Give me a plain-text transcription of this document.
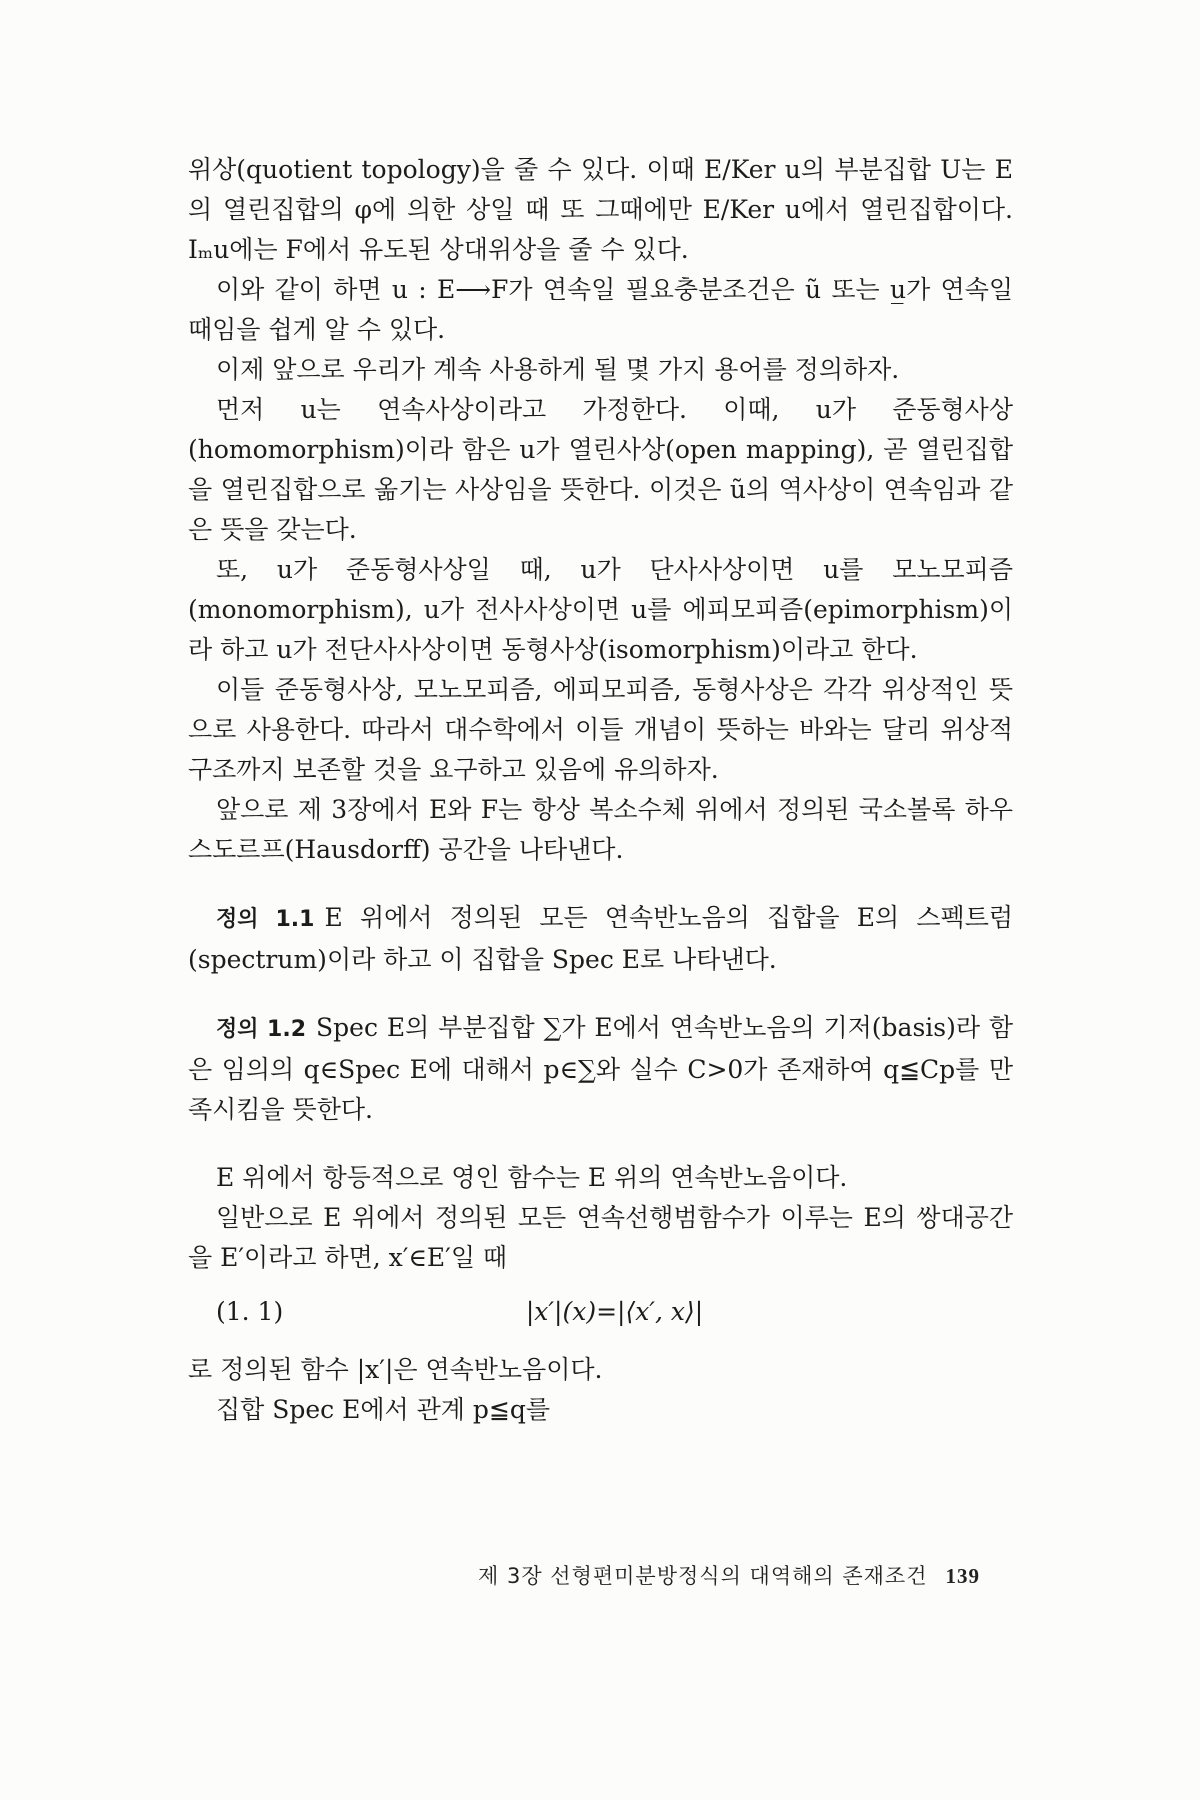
위상(quotient topology)을 줄 수 있다. 이때 E/Ker u의 부분집합 U는 E의 열린집합의 φ에 의한 상일 때 또 그때에만 E/Ker u에서 열린집합이다. Iₘu에는 F에서 유도된 상대위상을 줄 수 있다.

이와 같이 하면 u : E⟶F가 연속일 필요충분조건은 ũ 또는 u̲가 연속일 때임을 쉽게 알 수 있다.

이제 앞으로 우리가 계속 사용하게 될 몇 가지 용어를 정의하자.

먼저 u는 연속사상이라고 가정한다. 이때, u가 준동형사상(homomorphism)이라 함은 u가 열린사상(open mapping), 곧 열린집합을 열린집합으로 옮기는 사상임을 뜻한다. 이것은 ũ의 역사상이 연속임과 같은 뜻을 갖는다.

또, u가 준동형사상일 때, u가 단사사상이면 u를 모노모피즘(monomorphism), u가 전사사상이면 u를 에피모피즘(epimorphism)이라 하고 u가 전단사사상이면 동형사상(isomorphism)이라고 한다.

이들 준동형사상, 모노모피즘, 에피모피즘, 동형사상은 각각 위상적인 뜻으로 사용한다. 따라서 대수학에서 이들 개념이 뜻하는 바와는 달리 위상적 구조까지 보존할 것을 요구하고 있음에 유의하자.

앞으로 제 3장에서 E와 F는 항상 복소수체 위에서 정의된 국소볼록 하우스도르프(Hausdorff) 공간을 나타낸다.

정의 1.1 E 위에서 정의된 모든 연속반노음의 집합을 E의 스펙트럼(spectrum)이라 하고 이 집합을 Spec E로 나타낸다.

정의 1.2 Spec E의 부분집합 ∑가 E에서 연속반노음의 기저(basis)라 함은 임의의 q∈Spec E에 대해서 p∈∑와 실수 C>0가 존재하여 q≦Cp를 만족시킴을 뜻한다.

E 위에서 항등적으로 영인 함수는 E 위의 연속반노음이다.

일반으로 E 위에서 정의된 모든 연속선행범함수가 이루는 E의 쌍대공간을 E′이라고 하면, x′∈E′일 때

(1. 1)	|x′|(x)=|⟨x′, x⟩|

로 정의된 함수 |x′|은 연속반노음이다.

집합 Spec E에서 관계 p≦q를

제 3장 선형편미분방정식의 대역해의 존재조건 139
